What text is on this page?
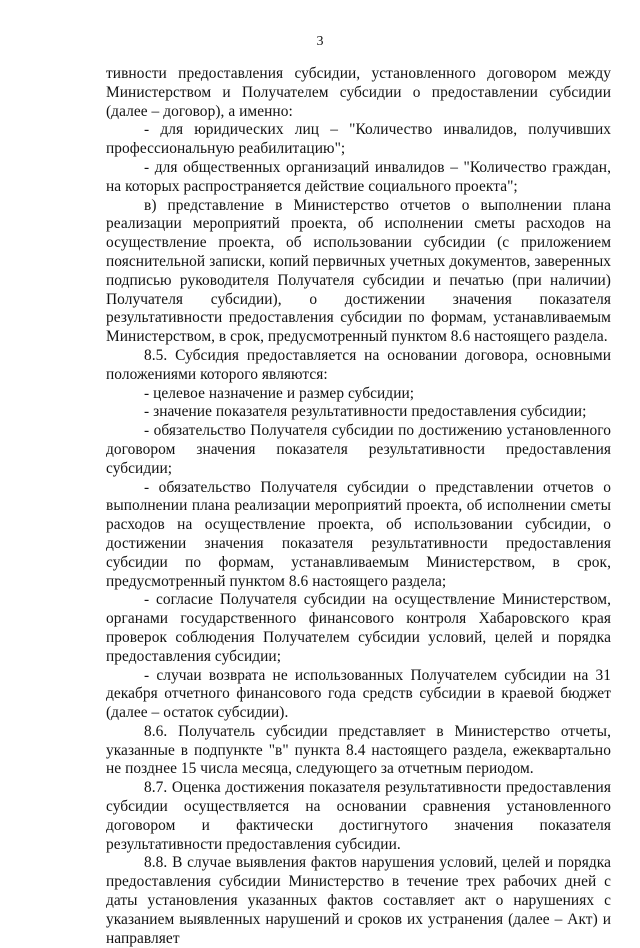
3

тивности предоставления субсидии, установленного договором между Министерством и Получателем субсидии о предоставлении субсидии (далее – договор), а именно:

- для юридических лиц – "Количество инвалидов, получивших профессиональную реабилитацию";

- для общественных организаций инвалидов – "Количество граждан, на которых распространяется действие социального проекта";

в) представление в Министерство отчетов о выполнении плана реализации мероприятий проекта, об исполнении сметы расходов на осуществление проекта, об использовании субсидии (с приложением пояснительной записки, копий первичных учетных документов, заверенных подписью руководителя Получателя субсидии и печатью (при наличии) Получателя субсидии), о достижении значения показателя результативности предоставления субсидии по формам, устанавливаемым Министерством, в срок, предусмотренный пунктом 8.6 настоящего раздела.

8.5. Субсидия предоставляется на основании договора, основными положениями которого являются:

- целевое назначение и размер субсидии;

- значение показателя результативности предоставления субсидии;

- обязательство Получателя субсидии по достижению установленного договором значения показателя результативности предоставления субсидии;

- обязательство Получателя субсидии о представлении отчетов о выполнении плана реализации мероприятий проекта, об исполнении сметы расходов на осуществление проекта, об использовании субсидии, о достижении значения показателя результативности предоставления субсидии по формам, устанавливаемым Министерством, в срок, предусмотренный пунктом 8.6 настоящего раздела;

- согласие Получателя субсидии на осуществление Министерством, органами государственного финансового контроля Хабаровского края проверок соблюдения Получателем субсидии условий, целей и порядка предоставления субсидии;

- случаи возврата не использованных Получателем субсидии на 31 декабря отчетного финансового года средств субсидии в краевой бюджет (далее – остаток субсидии).

8.6. Получатель субсидии представляет в Министерство отчеты, указанные в подпункте "в" пункта 8.4 настоящего раздела, ежеквартально не позднее 15 числа месяца, следующего за отчетным периодом.

8.7. Оценка достижения показателя результативности предоставления субсидии осуществляется на основании сравнения установленного договором и фактически достигнутого значения показателя результативности предоставления субсидии.

8.8. В случае выявления фактов нарушения условий, целей и порядка предоставления субсидии Министерство в течение трех рабочих дней с даты установления указанных фактов составляет акт о нарушениях с указанием выявленных нарушений и сроков их устранения (далее – Акт) и направляет
